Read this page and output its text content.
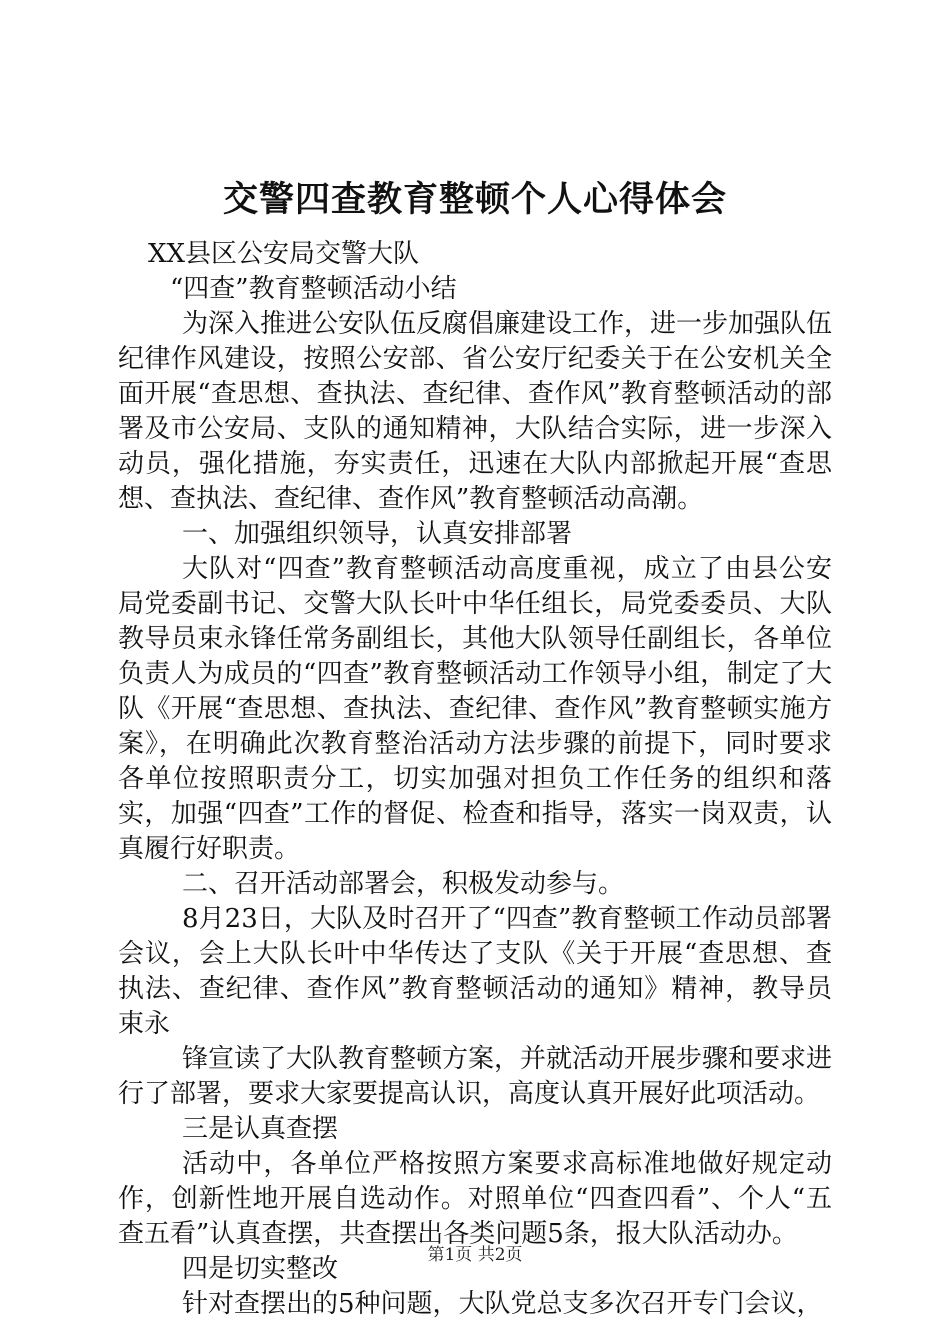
交警四查教育整顿个人心得体会

XX县区公安局交警大队

“四查”教育整顿活动小结

为深入推进公安队伍反腐倡廉建设工作，进一步加强队伍纪律作风建设，按照公安部、省公安厅纪委关于在公安机关全面开展“查思想、查执法、查纪律、查作风”教育整顿活动的部署及市公安局、支队的通知精神，大队结合实际，进一步深入动员，强化措施，夯实责任，迅速在大队内部掀起开展“查思想、查执法、查纪律、查作风”教育整顿活动高潮。

一、加强组织领导，认真安排部署

大队对“四查”教育整顿活动高度重视，成立了由县公安局党委副书记、交警大队长叶中华任组长，局党委委员、大队教导员束永锋任常务副组长，其他大队领导任副组长，各单位负责人为成员的“四查”教育整顿活动工作领导小组，制定了大队《开展“查思想、查执法、查纪律、查作风”教育整顿实施方案》，在明确此次教育整治活动方法步骤的前提下，同时要求各单位按照职责分工，切实加强对担负工作任务的组织和落实，加强“四查”工作的督促、检查和指导，落实一岗双责，认真履行好职责。

二、召开活动部署会，积极发动参与。

8月23日，大队及时召开了“四查”教育整顿工作动员部署会议，会上大队长叶中华传达了支队《关于开展“查思想、查执法、查纪律、查作风”教育整顿活动的通知》精神，教导员束永

锋宣读了大队教育整顿方案，并就活动开展步骤和要求进行了部署，要求大家要提高认识，高度认真开展好此项活动。

三是认真查摆

活动中，各单位严格按照方案要求高标准地做好规定动作，创新性地开展自选动作。对照单位“四查四看”、个人“五查五看”认真查摆，共查摆出各类问题5条，报大队活动办。

四是切实整改

针对查摆出的5种问题，大队党总支多次召开专门会议，

第1页 共2页
